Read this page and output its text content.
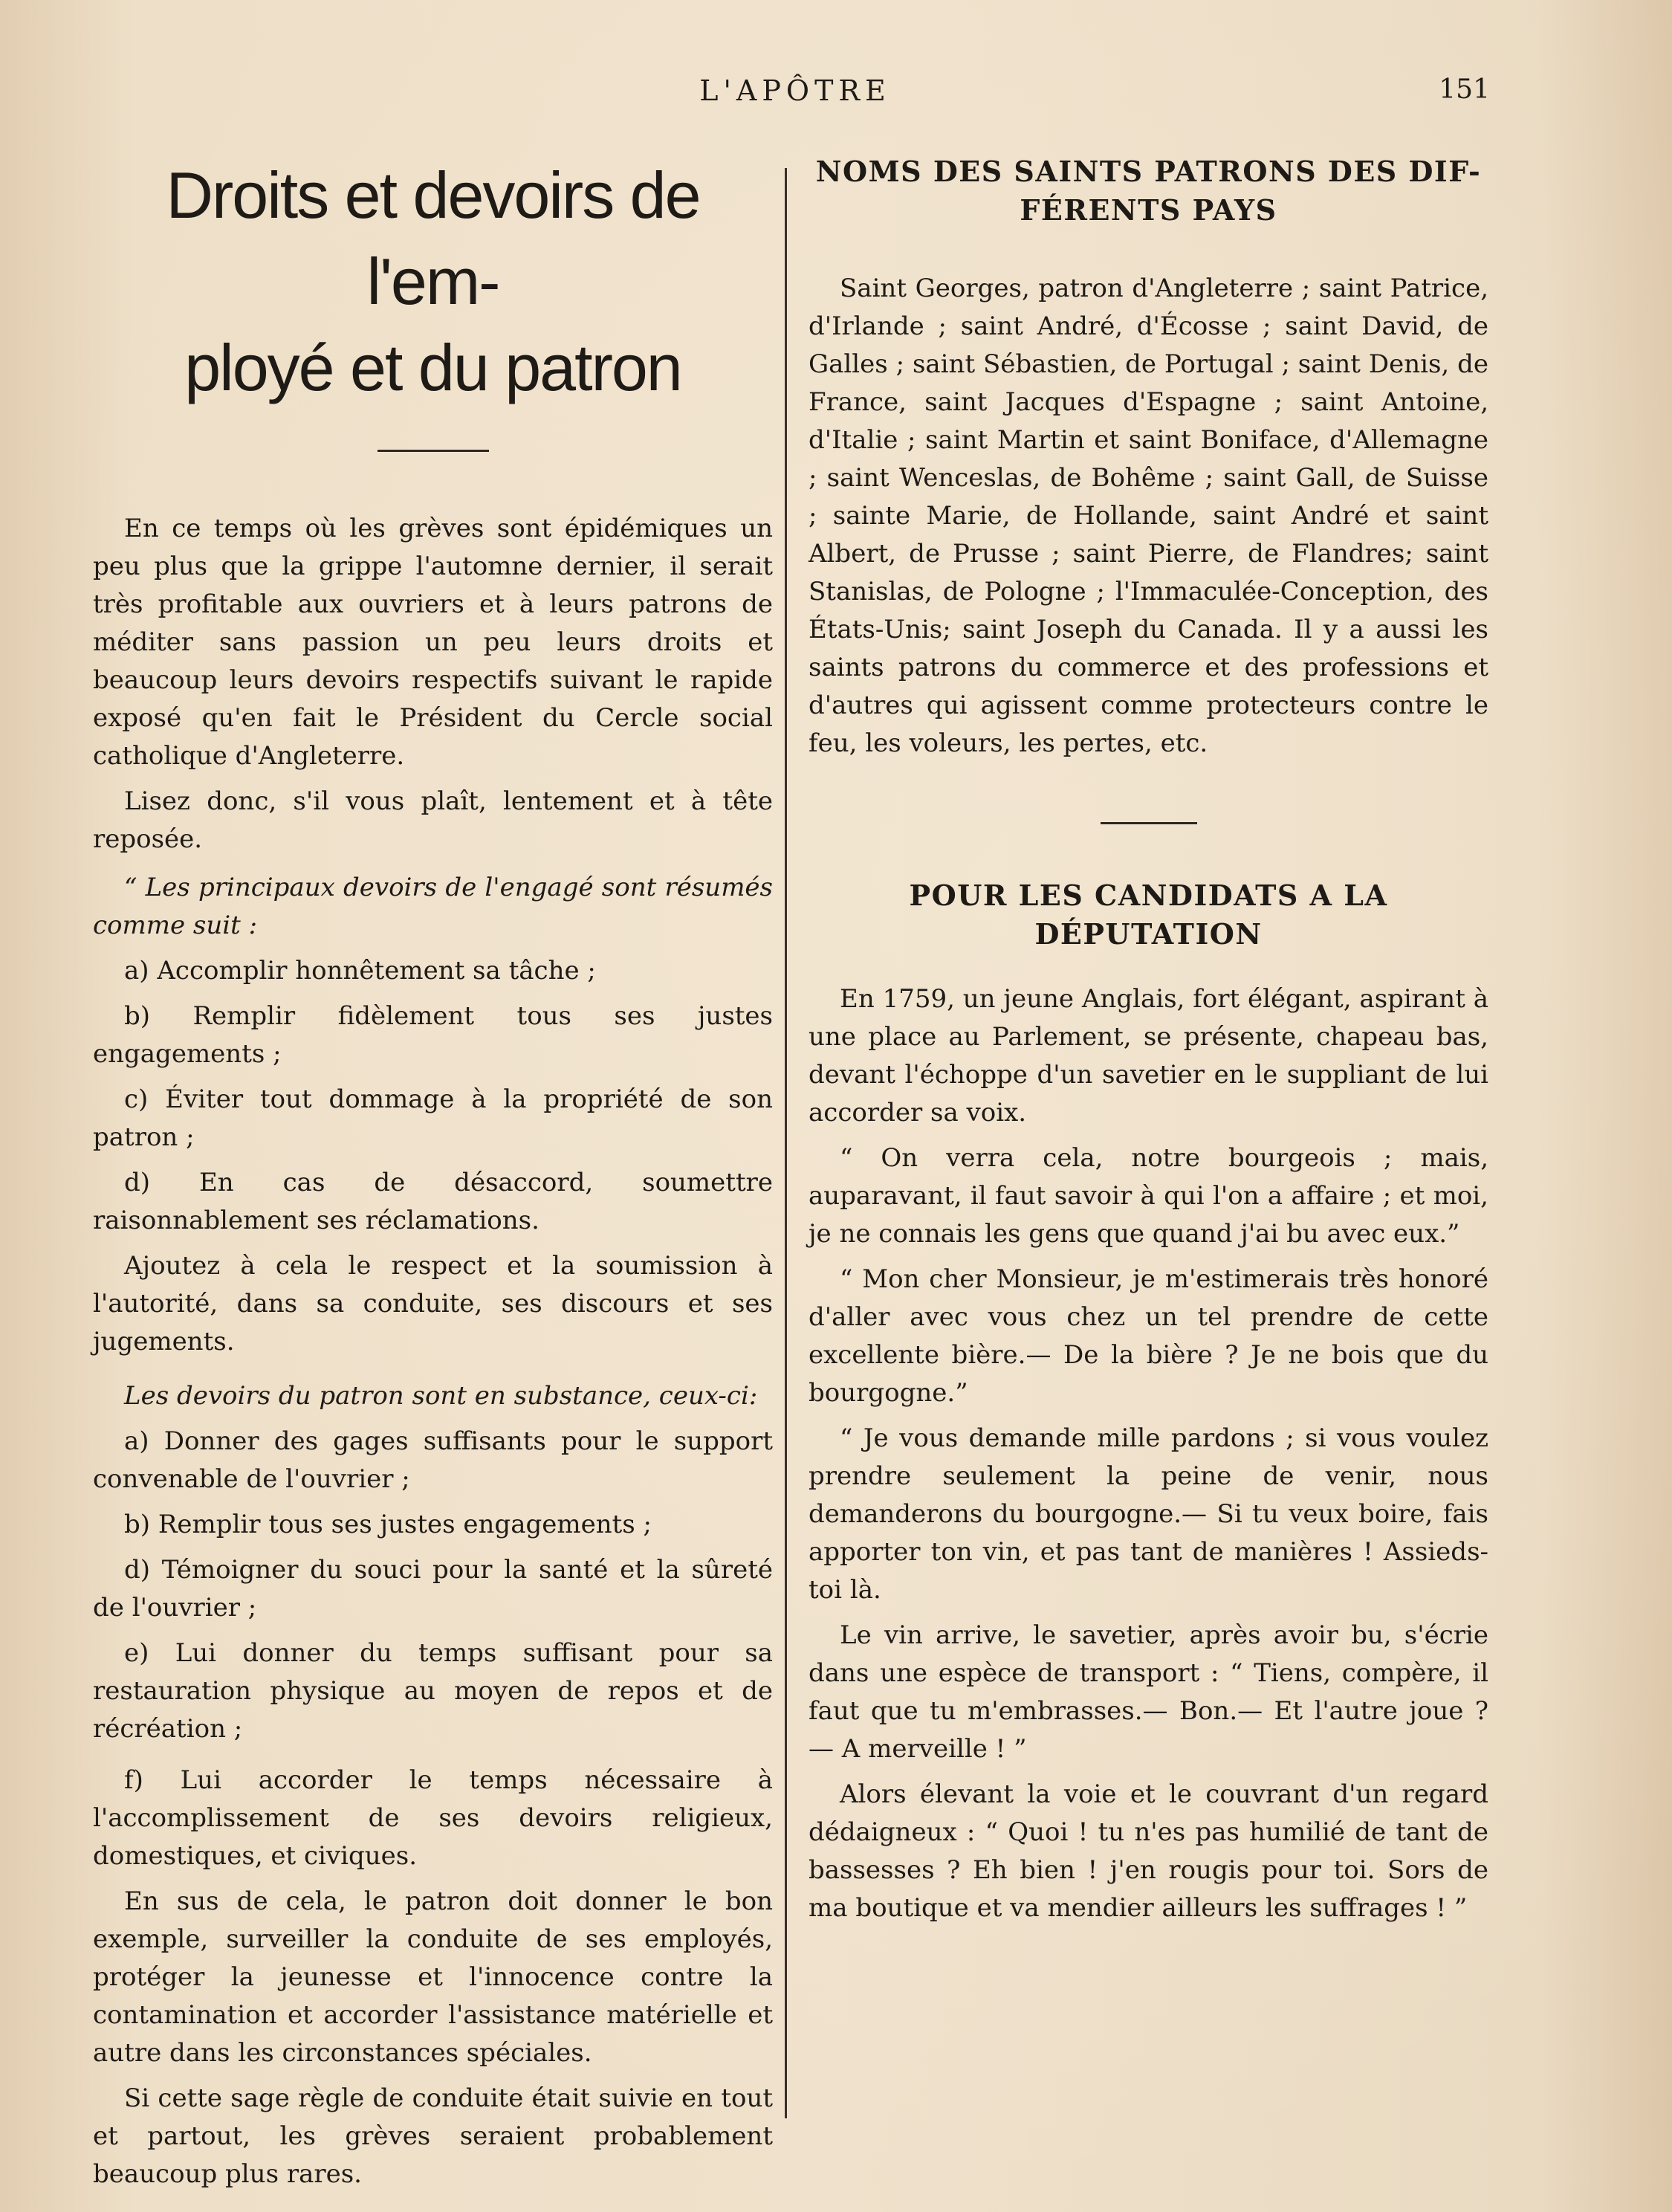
L'APÔTRE	151
Droits et devoirs de l'em-
ployé et du patron

En ce temps où les grèves sont épidémiques un peu plus que la grippe l'automne dernier, il serait très profitable aux ouvriers et à leurs patrons de méditer sans passion un peu leurs droits et beaucoup leurs devoirs respectifs suivant le rapide exposé qu'en fait le Président du Cercle social catholique d'Angleterre.

Lisez donc, s'il vous plaît, lentement et à tête reposée.

“ Les principaux devoirs de l'engagé sont résumés comme suit :

a) Accomplir honnêtement sa tâche ;

b) Remplir fidèlement tous ses justes engagements ;

c) Éviter tout dommage à la propriété de son patron ;

d) En cas de désaccord, soumettre raisonnablement ses réclamations.

Ajoutez à cela le respect et la soumission à l'autorité, dans sa conduite, ses discours et ses jugements.

Les devoirs du patron sont en substance, ceux-ci:

a) Donner des gages suffisants pour le support convenable de l'ouvrier ;

b) Remplir tous ses justes engagements ;

d) Témoigner du souci pour la santé et la sûreté de l'ouvrier ;

e) Lui donner du temps suffisant pour sa restauration physique au moyen de repos et de récréation ;

f) Lui accorder le temps nécessaire à l'accomplissement de ses devoirs religieux, domestiques, et civiques.

En sus de cela, le patron doit donner le bon exemple, surveiller la conduite de ses employés, protéger la jeunesse et l'innocence contre la contamination et accorder l'assistance matérielle et autre dans les circonstances spéciales.

Si cette sage règle de conduite était suivie en tout et partout, les grèves seraient probablement beaucoup plus rares.

NOMS DES SAINTS PATRONS DES DIF-
FÉRENTS PAYS

Saint Georges, patron d'Angleterre ; saint Patrice, d'Irlande ; saint André, d'Écosse ; saint David, de Galles ; saint Sébastien, de Portugal ; saint Denis, de France, saint Jacques d'Espagne ; saint Antoine, d'Italie ; saint Martin et saint Boniface, d'Allemagne ; saint Wenceslas, de Bohême ; saint Gall, de Suisse ; sainte Marie, de Hollande, saint André et saint Albert, de Prusse ; saint Pierre, de Flandres; saint Stanislas, de Pologne ; l'Immaculée-Conception, des États-Unis; saint Joseph du Canada. Il y a aussi les saints patrons du commerce et des professions et d'autres qui agissent comme protecteurs contre le feu, les voleurs, les pertes, etc.

POUR LES CANDIDATS A LA
DÉPUTATION

En 1759, un jeune Anglais, fort élégant, aspirant à une place au Parlement, se présente, chapeau bas, devant l'échoppe d'un savetier en le suppliant de lui accorder sa voix.

“ On verra cela, notre bourgeois ; mais, auparavant, il faut savoir à qui l'on a affaire ; et moi, je ne connais les gens que quand j'ai bu avec eux.”

“ Mon cher Monsieur, je m'estimerais très honoré d'aller avec vous chez un tel prendre de cette excellente bière.— De la bière ? Je ne bois que du bourgogne.”

“ Je vous demande mille pardons ; si vous voulez prendre seulement la peine de venir, nous demanderons du bourgogne.— Si tu veux boire, fais apporter ton vin, et pas tant de manières ! Assieds-toi là.

Le vin arrive, le savetier, après avoir bu, s'écrie dans une espèce de transport : “ Tiens, compère, il faut que tu m'embrasses.— Bon.— Et l'autre joue ? — A merveille ! ”

Alors élevant la voie et le couvrant d'un regard dédaigneux : “ Quoi ! tu n'es pas humilié de tant de bassesses ? Eh bien ! j'en rougis pour toi. Sors de ma boutique et va mendier ailleurs les suffrages ! ”
